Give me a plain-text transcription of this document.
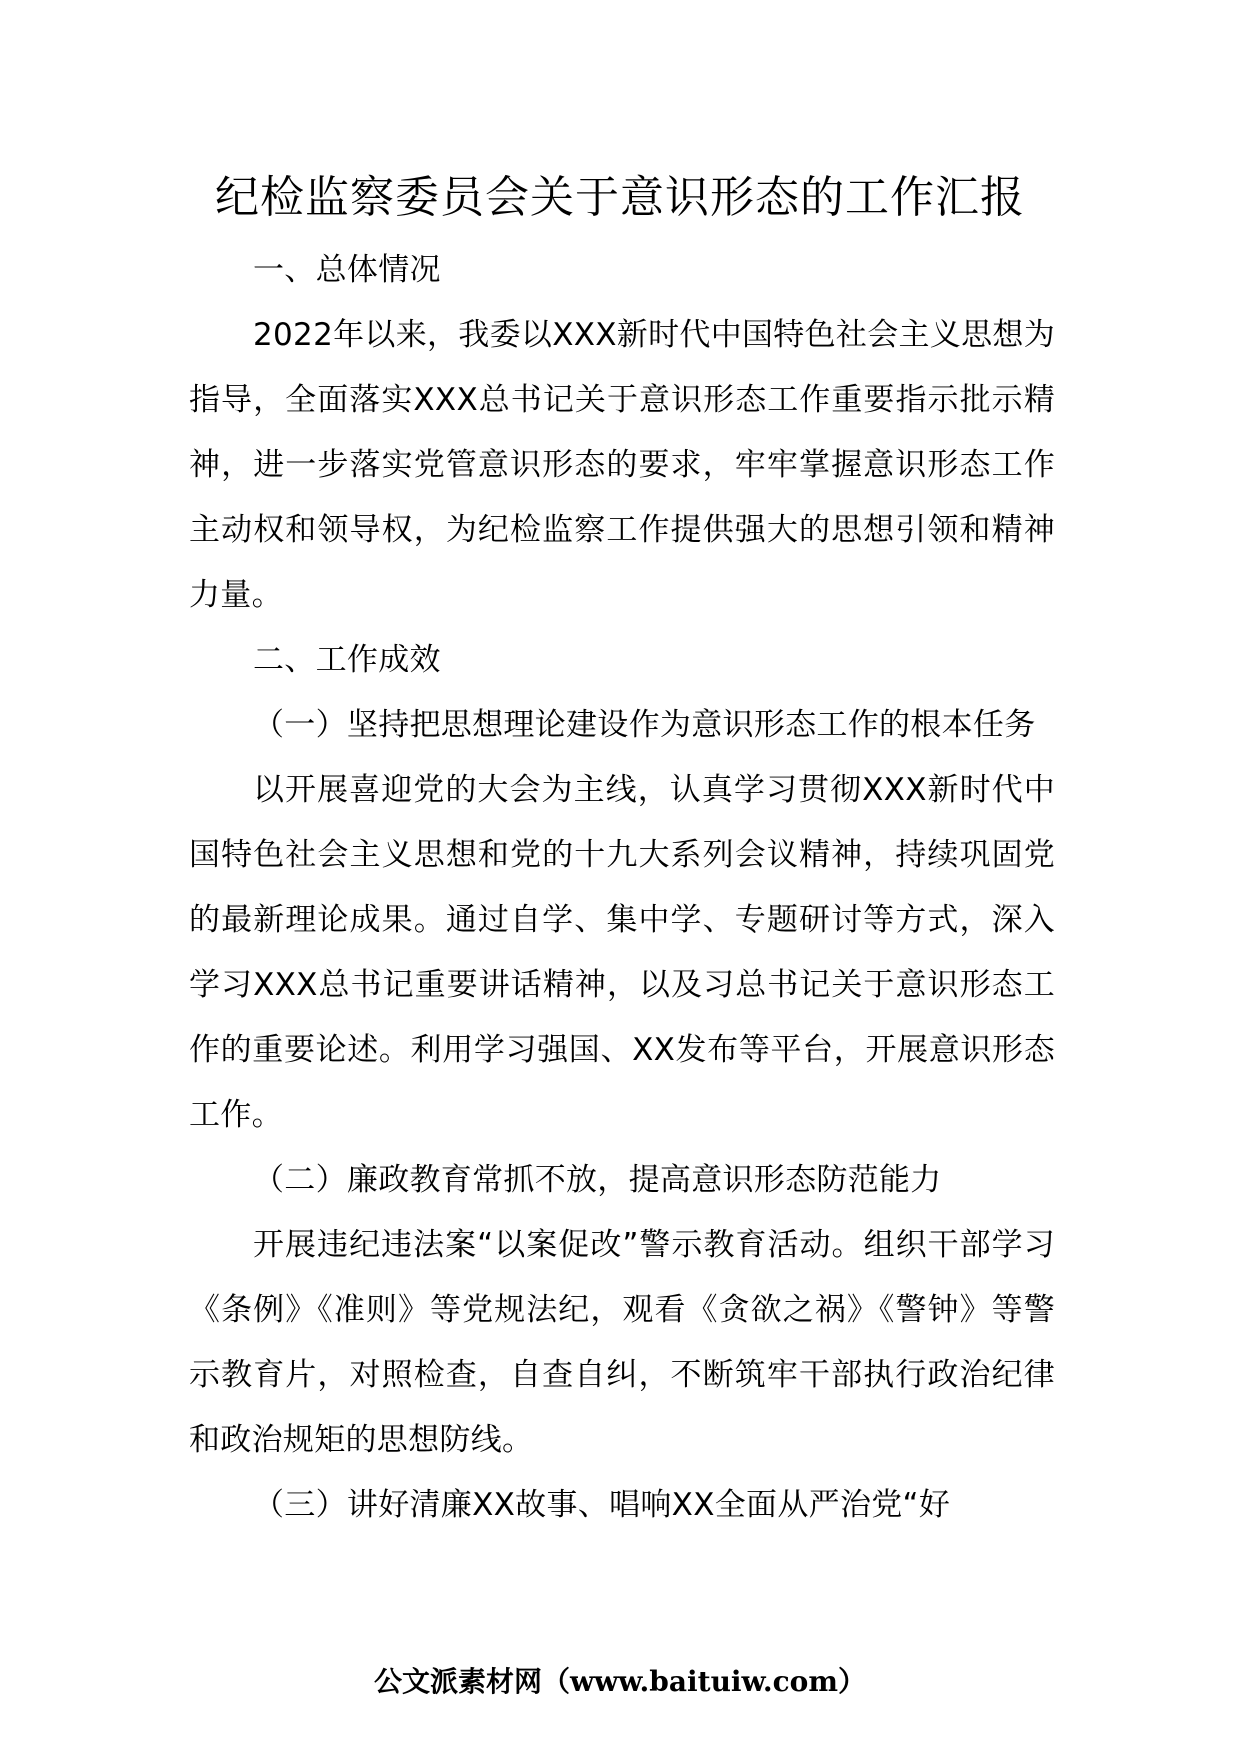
纪检监察委员会关于意识形态的工作汇报

一、总体情况

2022年以来，我委以XXX新时代中国特色社会主义思想为指导，全面落实XXX总书记关于意识形态工作重要指示批示精神，进一步落实党管意识形态的要求，牢牢掌握意识形态工作主动权和领导权，为纪检监察工作提供强大的思想引领和精神力量。

二、工作成效

（一）坚持把思想理论建设作为意识形态工作的根本任务

以开展喜迎党的大会为主线，认真学习贯彻XXX新时代中国特色社会主义思想和党的十九大系列会议精神，持续巩固党的最新理论成果。通过自学、集中学、专题研讨等方式，深入学习XXX总书记重要讲话精神，以及习总书记关于意识形态工作的重要论述。利用学习强国、XX发布等平台，开展意识形态工作。

（二）廉政教育常抓不放，提高意识形态防范能力

开展违纪违法案“以案促改”警示教育活动。组织干部学习《条例》《准则》等党规法纪，观看《贪欲之祸》《警钟》等警示教育片，对照检查，自查自纠，不断筑牢干部执行政治纪律和政治规矩的思想防线。

（三）讲好清廉XX故事、唱响XX全面从严治党“好

公文派素材网（www.baituiw.com）
